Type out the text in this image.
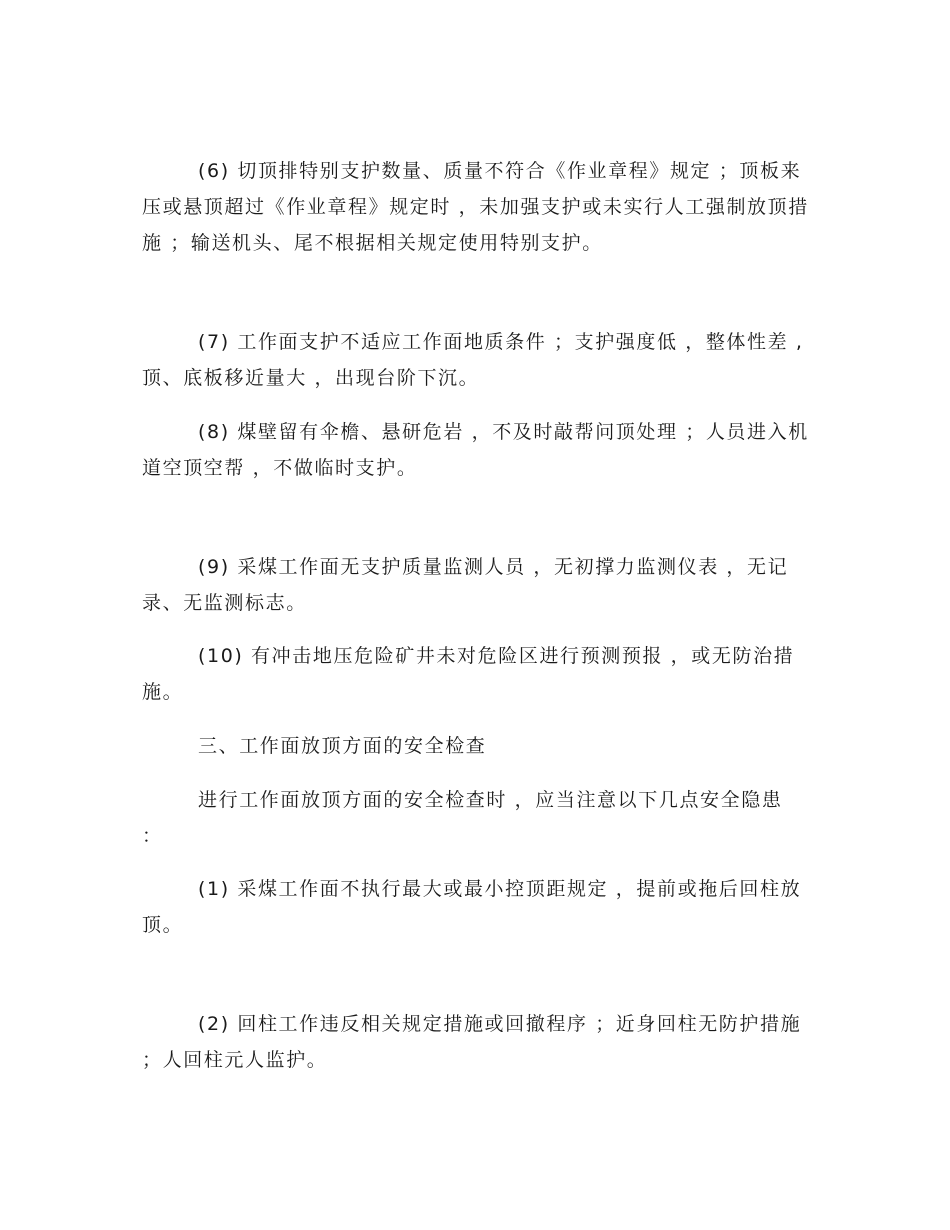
(6) 切顶排特别支护数量、质量不符合《作业章程》规定 ；顶板来压或悬顶超过《作业章程》规定时 ，未加强支护或未实行人工强制放顶措 施 ；输送机头、尾不根据相关规定使用特别支护。

(7) 工作面支护不适应工作面地质条件 ；支护强度低 ，整体性差 ,顶、底板移近量大 ，出现台阶下沉。

(8) 煤壁留有伞檐、悬研危岩 ，不及时敲帮问顶处理 ；人员进入机道空顶空帮 ，不做临时支护。

(9) 采煤工作面无支护质量监测人员 ，无初撑力监测仪表 ，无记录、无监测标志。

(10) 有冲击地压危险矿井未对危险区进行预测预报 ，或无防治措施。

三、工作面放顶方面的安全检查

进行工作面放顶方面的安全检查时 ，应当注意以下几点安全隐患 ：

(1) 采煤工作面不执行最大或最小控顶距规定 ，提前或拖后回柱放顶。

(2) 回柱工作违反相关规定措施或回撤程序 ；近身回柱无防护措施 ；人回柱元人监护。
